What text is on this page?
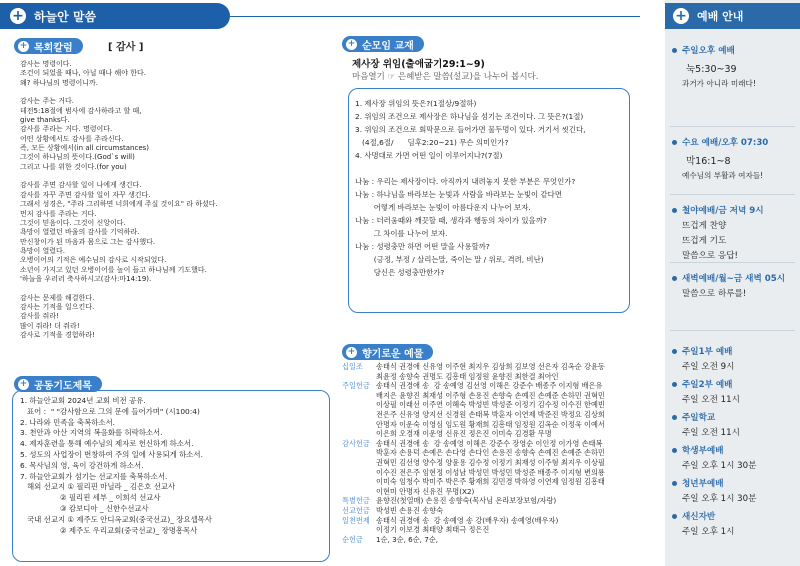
+ 하늘안 말씀
+ 목회칼럼	[ 감사 ]
감사는 명령이다.
조건이 되었을 때나, 아닐 때나 해야 한다.
왜? 하나님의 명령이니까.

감사는 주는 거다.
데전5:18절에 범사에 감사하라고 할 때,
give thanks다.
감사를 주라는 거다. 명령이다.
어떤 상황에서도 감사를 주라신다.
즉, 모든 상황에서(in all circumstances)
그것이 하나님의 뜻이다.(God`s will)
그리고 나를 위한 것이다.(for you)

감사를 주면 감사할 일이 나에게 생긴다.
감사를 자꾸 주면 감사할 일이 자꾸 생긴다.
그래서 성경은, "주라 그리하면 너희에게 주실 것이요" 라 하셨다.
먼저 감사를 주라는 거다.
그것이 믿음이다. 그것이 신앙이다.
욕망이 열렸던 바울의 감사를 기억하라.
만신창이가 된 마음과 몸으로 그는 감사했다.
욕망이 열렸다.
오병이어의 기적은 예수님의 감사로 시작되었다.
소년이 가지고 있던 오병이어를 높이 들고 하나님께 기도했다.
'하늘을 우러러 축사하시고(감사:마14:19).

감사는 문제를 해결한다.
감사는 기적을 일으킨다.
감사를 줘라!
많이 줘라! 더 줘라!
감사로 기적을 경험하라!
+ 공동기도제목
1. 하늘안교회 2024년 교회 비전 공유.
표어 :  " "감사함으로 그의 문에 들어가며" (시100:4)
2. 나라와 민족을 축복하소서.
3. 천안과 아산 지역의 복음화를 허락하소서.
4. 제자훈련을 통해 예수님의 제자로 헌신하게 하소서.
5. 성도의 사업장이 번창하여 주의 일에 사용되게 하소서.
6. 목사님의 영, 육이 강건하게 하소서.
7. 하늘안교회가 섬기는 선교지를 축복하소서.
해외 선교지 ① 필리핀 마닐라 _ 김은호 선교사
② 필리핀 세부 _ 이희석 선교사
③ 캄보디아 _ 신한수선교사
국내 선교지 ① 제주도 안디옥교회(중국선교)_ 장요셉목사
② 제주도 우리교회(중국선교)_ 장명흥목사
+ 순모임 교재
제사장 위임(출애굽기29:1~9)
마음열기 ☞ 은혜받은 말씀(설교)을 나누어 봅시다.
1. 제사장 위임의 뜻은?(1절상/9절하)
2. 위임의 조건으로 제사장은 하나님을 섬기는 조건이다. 그 뜻은?(1절)
3. 위임의 조건으로 회막문으로 들어가면 물두멍이 있다. 거기서 씻긴다,
(4절,6절/      딤후2:20~21) 무슨 의미인가?
4. 사명대로 가면 어떤 일이 이루어지나?(7절)

나눔 : 우리는 제사장이다. 아직까지 내려놓지 못한 부분은 무엇인가?
나눔 : 하나님을 바라보는 눈빛과 사람을 바라보는 눈빛이 같다면
어떻게 바라보는 눈빛이 아름다운지 나누어 보자.
나눔 : 더러움때와 깨끗할 때, 생각과 행동의 차이가 있을까?
그 차이를 나누어 보자.
나눔 : 성령충만 하면 어떤 말을 사용할까?
(긍정, 부정 / 살리는말, 죽이는 말 / 위로, 격려, 비난)
당신은 성령충만한가?
+ 향기로운 예물
십일조	송태식 권경애 신유영 이주현 최지우 김상희 김보영 선은자 김옥순 강윤동
최윤정 송향숙 권명도 김흥태 임정원 윤향진 최한결 최아인
주일헌금 송태식 권경애 송  강 송예영 김선영 이해은 강준수 배종주 이지형 배은유
배지은 윤향진 최재성 이주형 손용진 손향숙 손예진 손예준 손하민 권혁민
이상필 이래선 이주연 이혜숙 박성빈 박성준 이정기 김수정 이수진 한예빈
전은주 신유영 양지선 신경원 손태복 박훈자 이연제 박준진 박정요 김상희
안명자 이운숙 이영심 임도원 황재희 김흥태 임정원 김옥순 이정욱 이예서
이은희 오경재 이운영 신유진 정은진 이미숙 김경환 무명
감사헌금 송태식 권경애 송  강 송예영 이해은 강준수 장영순 이인정 이가영 손태복
박훈자 손용덕 손예은 손다영 손다인 손용진 송향숙 손예진 손예준 손하민
권혁민 김선영 양수정 양윤용 김수정 이정기 최재성 이주형 최지우 이상필
이수진 전은주 임현정 이성남 박성민 박성민 박성준 배종주 이지형 변의룡
이미숙 임청수 박미주 박은주 황재희 김민경 박하영 이연제 임정원 김흥태
이현미 안명자 신유진 무명(X2)
특별헌금 윤향진(첫열매) 손용진 송향숙(목사님 온라보장보험/자랑)
선교헌금 박성빈 손용진 송향숙
일천번제 송태식 권경애 송  강 송예영 송 강(배우자) 송예영(배우자)
이정기 이보경 최태양 최태극 정은진
순헌금	1순, 3순, 6순, 7순,
+ 예배 안내
주일오후 예배
눅5:30~39
과거가 아니라 미래다!
수요 예배/오후 07:30
막16:1~8
예수님의 부활과 여자들!
철야예배/금 저녁 9시
뜨겁게 찬양
뜨겁게 기도
말씀으로 응답!
새벽예배/월~금 새벽 05시
말씀으로 하루를!
주일1부 예배
주일 오전 9시
주일2부 예배
주일 오전 11시
주일학교
주일 오전 11시
학생부예배
주일 오후 1시 30분
청년부예배
주일 오후 1시 30분
새신자반
주일 오후 1시
